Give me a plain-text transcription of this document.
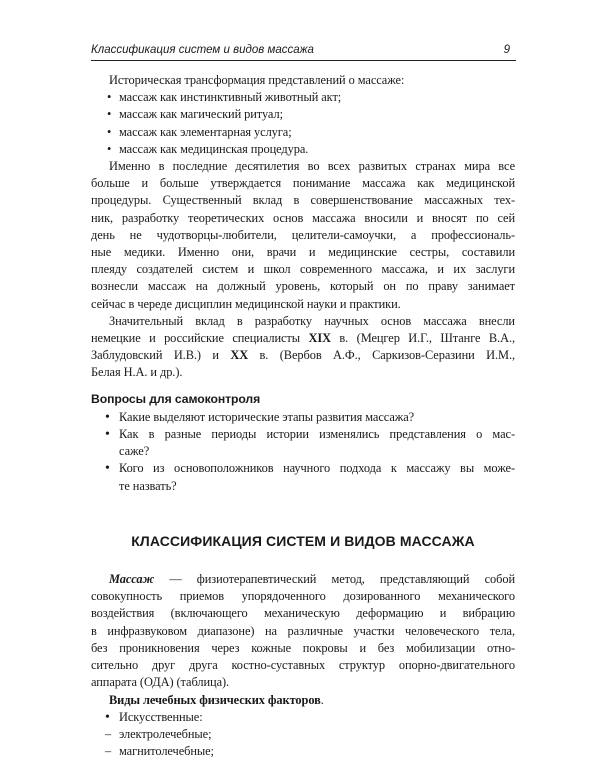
Классификация систем и видов массажа	9

Историческая трансформация представлений о массаже:

• массаж как инстинктивный животный акт;
• массаж как магический ритуал;
• массаж как элементарная услуга;
• массаж как медицинская процедура.
Именно в последние десятилетия во всех развитых странах мира все
больше и больше утверждается понимание массажа как медицинской
процедуры. Существенный вклад в совершенствование массажных тех-
ник, разработку теоретических основ массажа вносили и вносят по сей
день не чудотворцы-любители, целители-самоучки, а профессиональ-
ные медики. Именно они, врачи и медицинские сестры, составили
плеяду создателей систем и школ современного массажа, и их заслуги
вознесли массаж на должный уровень, который он по праву занимает
сейчас в череде дисциплин медицинской науки и практики.
Значительный вклад в разработку научных основ массажа внесли
немецкие и российские специалисты XIX в. (Мецгер И.Г., Штанге В.А.,
Заблудовский И.В.) и XX в. (Вербов А.Ф., Саркизов-Серазини И.М.,
Белая Н.А. и др.).
Вопросы для самоконтроля
• Какие выделяют исторические этапы развития массажа?
• Как в разные периоды истории изменялись представления о мас-
саже?
• Кого из основоположников научного подхода к массажу вы може-
те назвать?
КЛАССИФИКАЦИЯ СИСТЕМ И ВИДОВ МАССАЖА
Массаж — физиотерапевтический метод, представляющий собой
совокупность приемов упорядоченного дозированного механического
воздействия (включающего механическую деформацию и вибрацию
в инфразвуковом диапазоне) на различные участки человеческого тела,
без проникновения через кожные покровы и без мобилизации отно-
сительно друг друга костно-суставных структур опорно-двигательного
аппарата (ОДА) (таблица).
Виды лечебных физических факторов.
• Искусственные:
– электролечебные;
– магнитолечебные;
